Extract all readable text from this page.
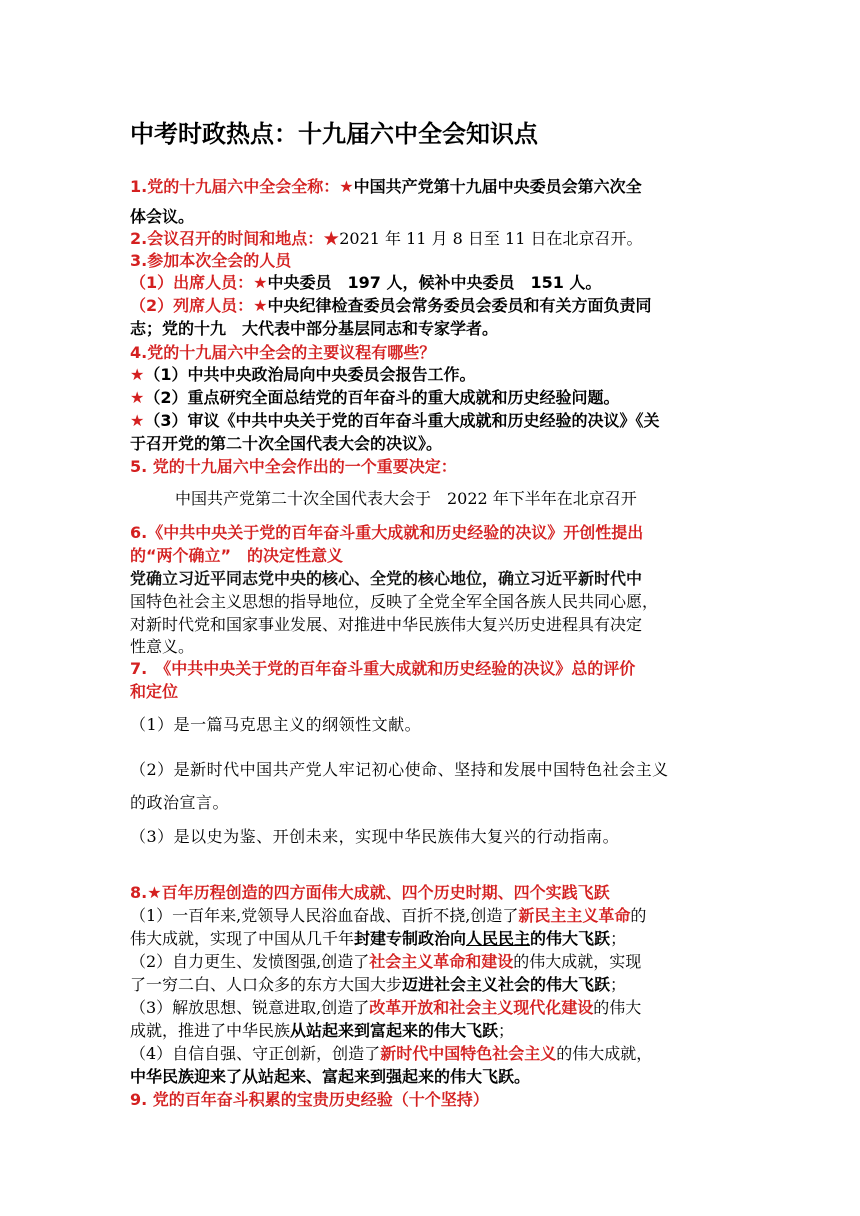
中考时政热点：十九届六中全会知识点
1.党的十九届六中全会全称：★中国共产党第十九届中央委员会第六次全
体会议。
2.会议召开的时间和地点：★2021 年 11 月 8 日至 11 日在北京召开。
3.参加本次全会的人员
（1）出席人员：★中央委员　197 人，候补中央委员　151 人。
（2）列席人员：★中央纪律检查委员会常务委员会委员和有关方面负责同
志；党的十九　大代表中部分基层同志和专家学者。
4.党的十九届六中全会的主要议程有哪些？
★（1）中共中央政治局向中央委员会报告工作。
★（2）重点研究全面总结党的百年奋斗的重大成就和历史经验问题。
★（3）审议《中共中央关于党的百年奋斗重大成就和历史经验的决议》《关
于召开党的第二十次全国代表大会的决议》。
5. 党的十九届六中全会作出的一个重要决定：
中国共产党第二十次全国代表大会于　2022 年下半年在北京召开
6.《中共中央关于党的百年奋斗重大成就和历史经验的决议》开创性提出
的“两个确立”　的决定性意义
党确立习近平同志党中央的核心、全党的核心地位，确立习近平新时代中
国特色社会主义思想的指导地位，反映了全党全军全国各族人民共同心愿，
对新时代党和国家事业发展、对推进中华民族伟大复兴历史进程具有决定
性意义。
7.　《中共中央关于党的百年奋斗重大成就和历史经验的决议》总的评价
和定位
（1）是一篇马克思主义的纲领性文献。
（2）是新时代中国共产党人牢记初心使命、坚持和发展中国特色社会主义
的政治宣言。
（3）是以史为鉴、开创未来，实现中华民族伟大复兴的行动指南。
8.★百年历程创造的四方面伟大成就、四个历史时期、四个实践飞跃
（1）一百年来,党领导人民浴血奋战、百折不挠,创造了新民主主义革命的
伟大成就，实现了中国从几千年封建专制政治向人民民主的伟大飞跃；
（2）自力更生、发愤图强,创造了社会主义革命和建设的伟大成就，实现
了一穷二白、人口众多的东方大国大步迈进社会主义社会的伟大飞跃；
（3）解放思想、锐意进取,创造了改革开放和社会主义现代化建设的伟大
成就，推进了中华民族从站起来到富起来的伟大飞跃；
（4）自信自强、守正创新，创造了新时代中国特色社会主义的伟大成就，
中华民族迎来了从站起来、富起来到强起来的伟大飞跃。
9. 党的百年奋斗积累的宝贵历史经验（十个坚持）
